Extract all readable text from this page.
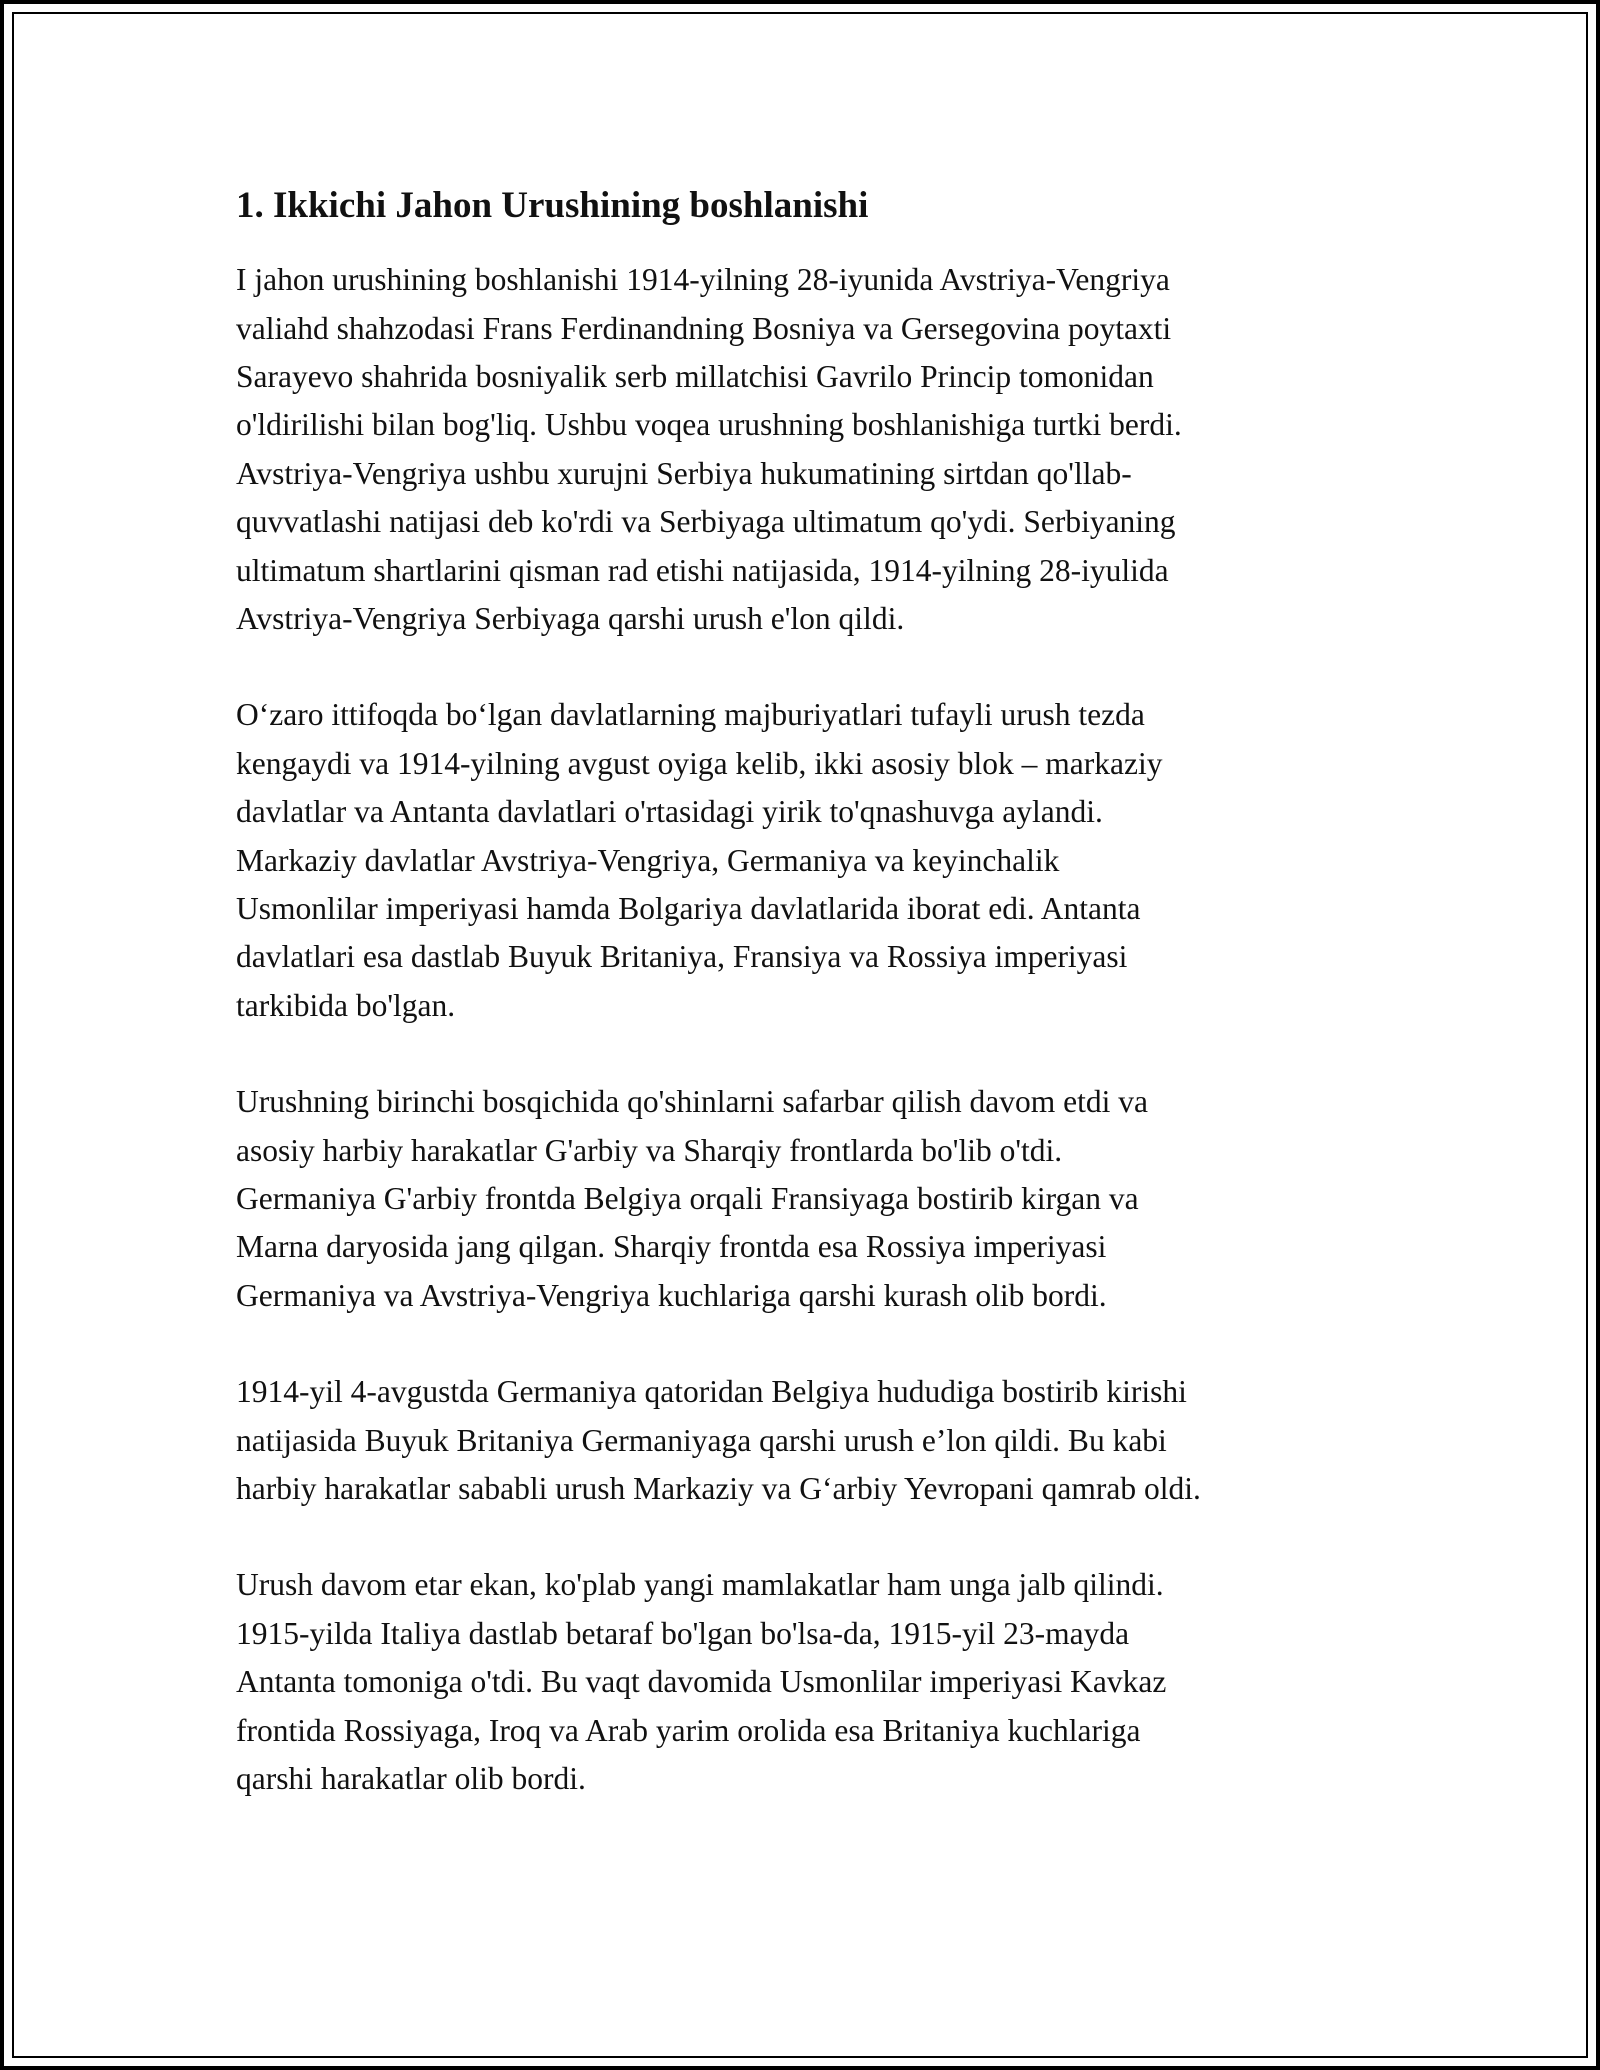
1. Ikkichi Jahon Urushining boshlanishi

I jahon urushining boshlanishi 1914-yilning 28-iyunida Avstriya-Vengriya
valiahd shahzodasi Frans Ferdinandning Bosniya va Gersegovina poytaxti
Sarayevo shahrida bosniyalik serb millatchisi Gavrilo Princip tomonidan
o'ldirilishi bilan bog'liq. Ushbu voqea urushning boshlanishiga turtki berdi.
Avstriya-Vengriya ushbu xurujni Serbiya hukumatining sirtdan qo'llab-
quvvatlashi natijasi deb ko'rdi va Serbiyaga ultimatum qo'ydi. Serbiyaning
ultimatum shartlarini qisman rad etishi natijasida, 1914-yilning 28-iyulida
Avstriya-Vengriya Serbiyaga qarshi urush e'lon qildi.

O‘zaro ittifoqda bo‘lgan davlatlarning majburiyatlari tufayli urush tezda
kengaydi va 1914-yilning avgust oyiga kelib, ikki asosiy blok – markaziy
davlatlar va Antanta davlatlari o'rtasidagi yirik to'qnashuvga aylandi.
Markaziy davlatlar Avstriya-Vengriya, Germaniya va keyinchalik
Usmonlilar imperiyasi hamda Bolgariya davlatlarida iborat edi. Antanta
davlatlari esa dastlab Buyuk Britaniya, Fransiya va Rossiya imperiyasi
tarkibida bo'lgan.

Urushning birinchi bosqichida qo'shinlarni safarbar qilish davom etdi va
asosiy harbiy harakatlar G'arbiy va Sharqiy frontlarda bo'lib o'tdi.
Germaniya G'arbiy frontda Belgiya orqali Fransiyaga bostirib kirgan va
Marna daryosida jang qilgan. Sharqiy frontda esa Rossiya imperiyasi
Germaniya va Avstriya-Vengriya kuchlariga qarshi kurash olib bordi.

1914-yil 4-avgustda Germaniya qatoridan Belgiya hududiga bostirib kirishi
natijasida Buyuk Britaniya Germaniyaga qarshi urush e’lon qildi. Bu kabi
harbiy harakatlar sababli urush Markaziy va G‘arbiy Yevropani qamrab oldi.

Urush davom etar ekan, ko'plab yangi mamlakatlar ham unga jalb qilindi.
1915-yilda Italiya dastlab betaraf bo'lgan bo'lsa-da, 1915-yil 23-mayda
Antanta tomoniga o'tdi. Bu vaqt davomida Usmonlilar imperiyasi Kavkaz
frontida Rossiyaga, Iroq va Arab yarim orolida esa Britaniya kuchlariga
qarshi harakatlar olib bordi.
